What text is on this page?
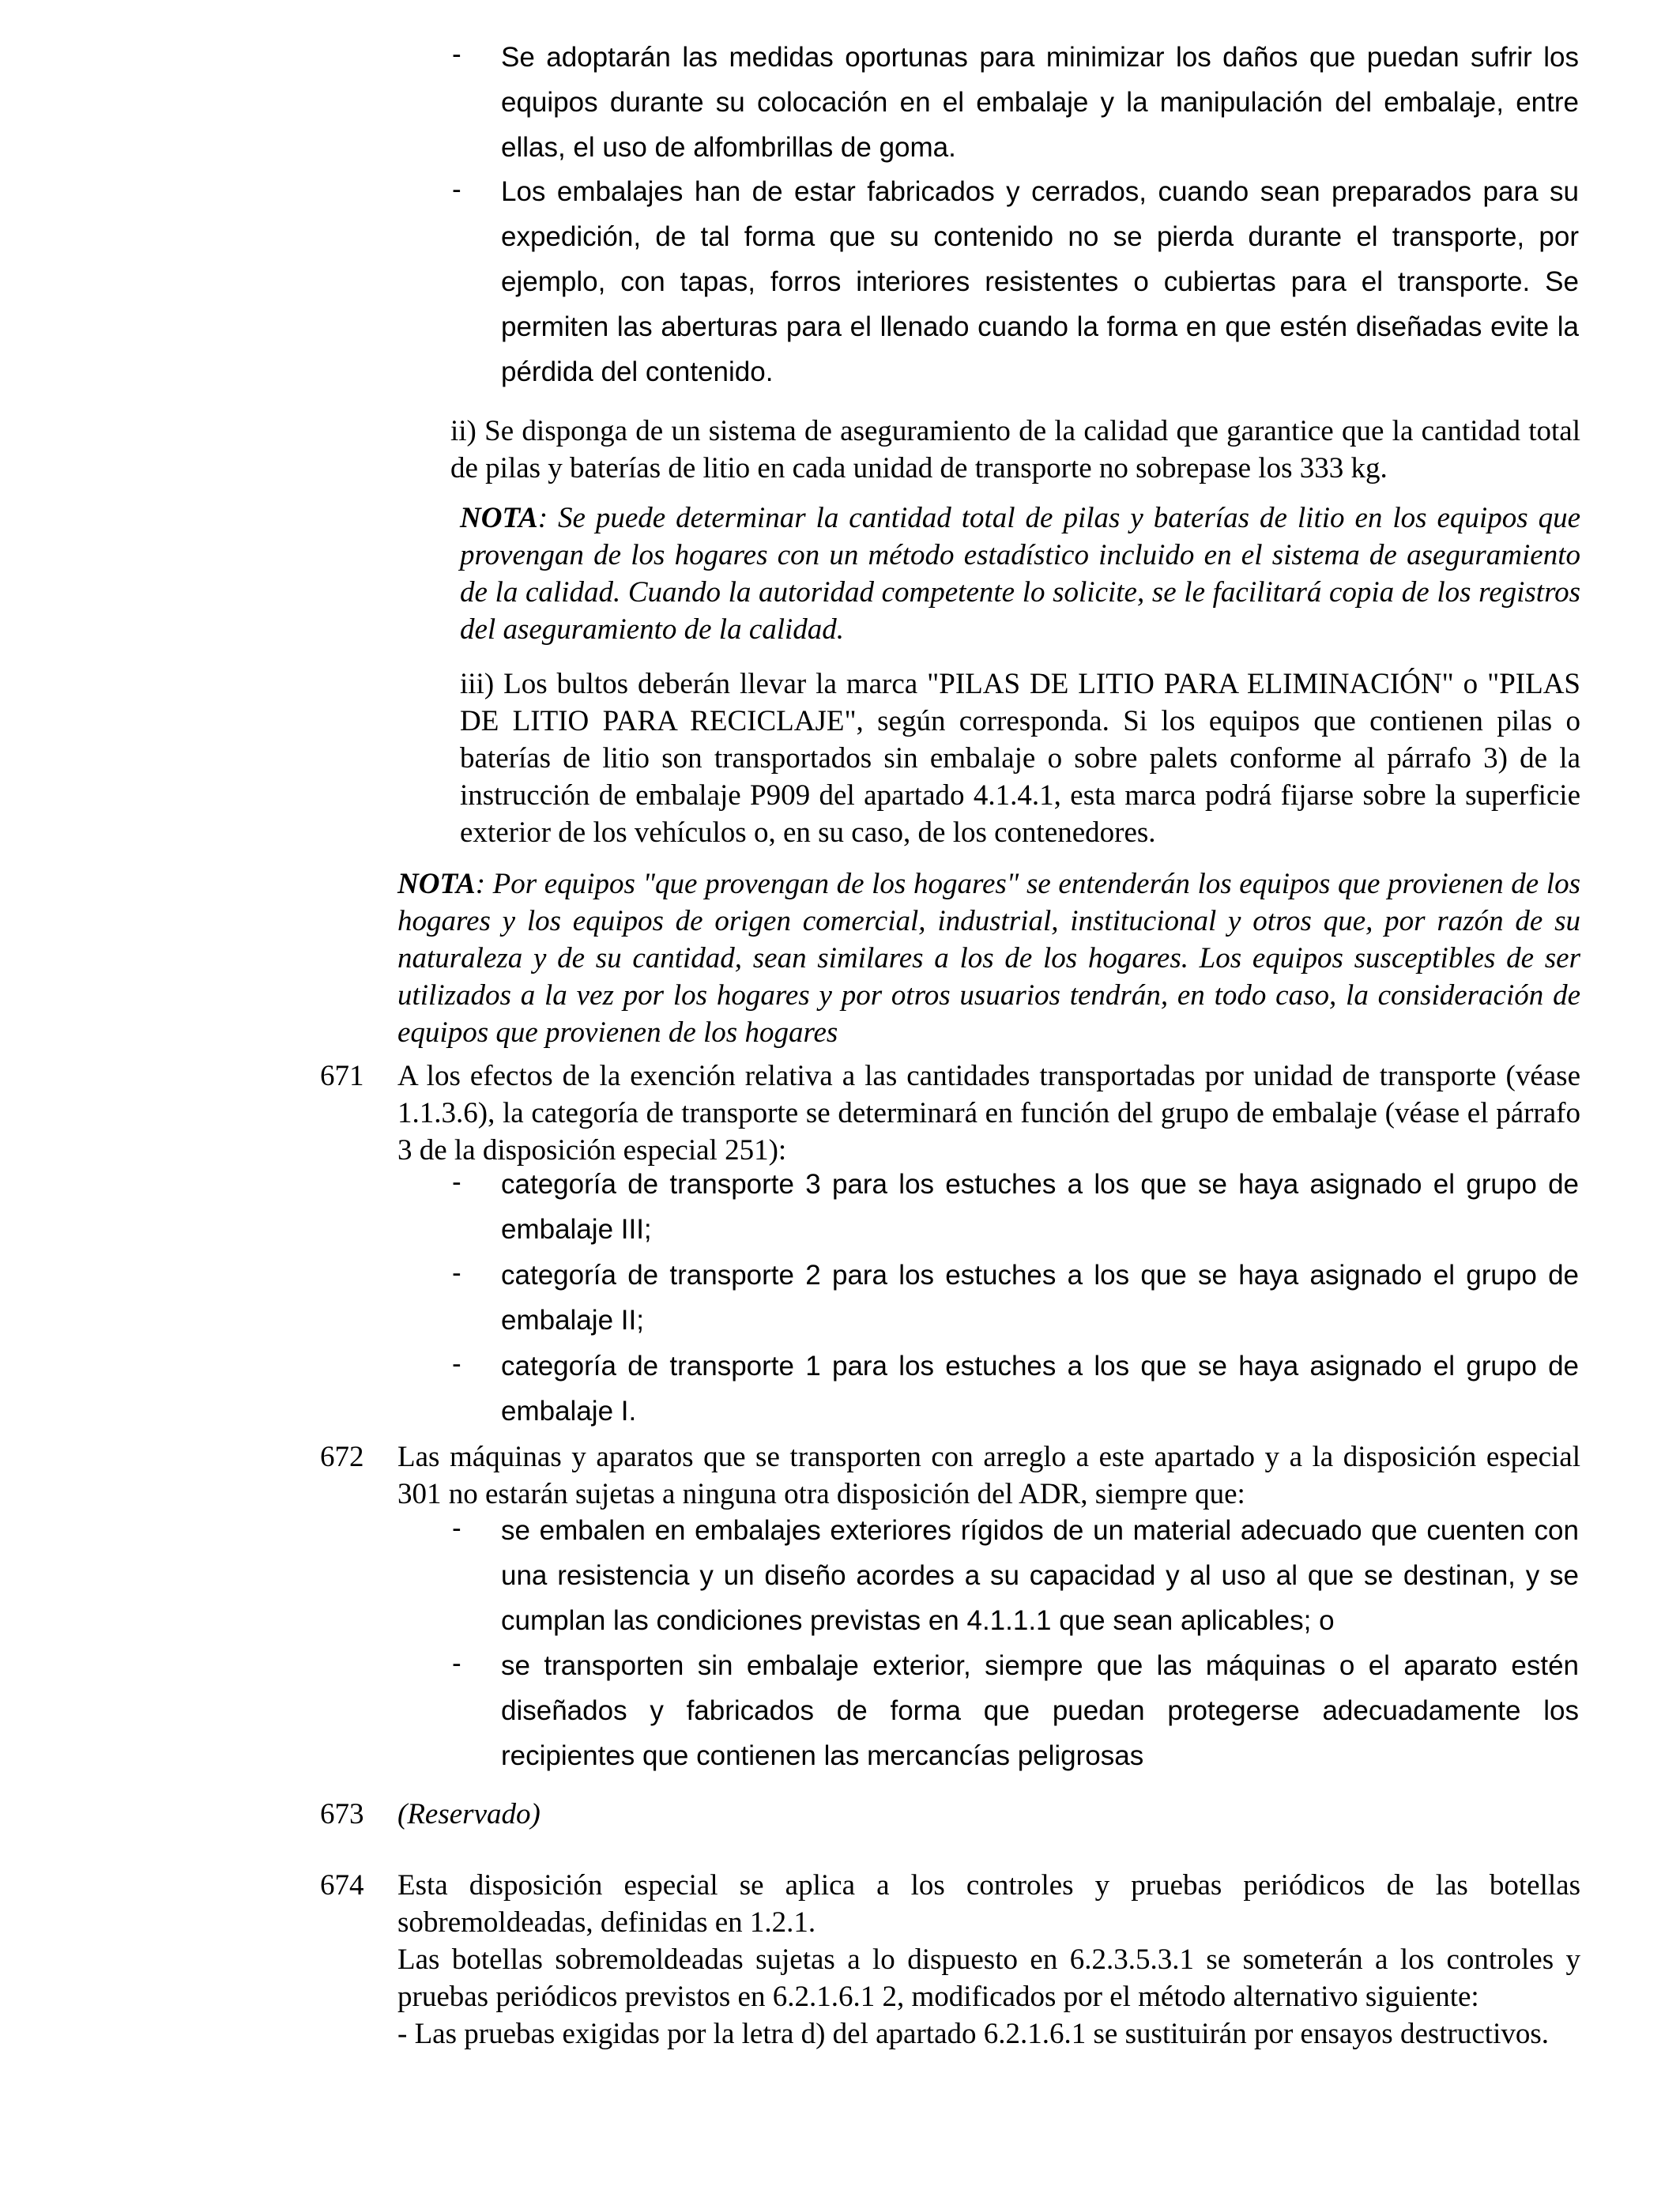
- Se adoptarán las medidas oportunas para minimizar los daños que puedan sufrir los equipos durante su colocación en el embalaje y la manipulación del embalaje, entre ellas, el uso de alfombrillas de goma.
- Los embalajes han de estar fabricados y cerrados, cuando sean preparados para su expedición, de tal forma que su contenido no se pierda durante el transporte, por ejemplo, con tapas, forros interiores resistentes o cubiertas para el transporte. Se permiten las aberturas para el llenado cuando la forma en que estén diseñadas evite la pérdida del contenido.
ii) Se disponga de un sistema de aseguramiento de la calidad que garantice que la cantidad total de pilas y baterías de litio en cada unidad de transporte no sobrepase los 333 kg.
NOTA: Se puede determinar la cantidad total de pilas y baterías de litio en los equipos que provengan de los hogares con un método estadístico incluido en el sistema de aseguramiento de la calidad. Cuando la autoridad competente lo solicite, se le facilitará copia de los registros del aseguramiento de la calidad.
iii) Los bultos deberán llevar la marca "PILAS DE LITIO PARA ELIMINACIÓN" o "PILAS DE LITIO PARA RECICLAJE", según corresponda. Si los equipos que contienen pilas o baterías de litio son transportados sin embalaje o sobre palets conforme al párrafo 3) de la instrucción de embalaje P909 del apartado 4.1.4.1, esta marca podrá fijarse sobre la superficie exterior de los vehículos o, en su caso, de los contenedores.
NOTA: Por equipos "que provengan de los hogares" se entenderán los equipos que provienen de los hogares y los equipos de origen comercial, industrial, institucional y otros que, por razón de su naturaleza y de su cantidad, sean similares a los de los hogares. Los equipos susceptibles de ser utilizados a la vez por los hogares y por otros usuarios tendrán, en todo caso, la consideración de equipos que provienen de los hogares
671 A los efectos de la exención relativa a las cantidades transportadas por unidad de transporte (véase 1.1.3.6), la categoría de transporte se determinará en función del grupo de embalaje (véase el párrafo 3 de la disposición especial 251):
- categoría de transporte 3 para los estuches a los que se haya asignado el grupo de embalaje III;
- categoría de transporte 2 para los estuches a los que se haya asignado el grupo de embalaje II;
- categoría de transporte 1 para los estuches a los que se haya asignado el grupo de embalaje I.
672 Las máquinas y aparatos que se transporten con arreglo a este apartado y a la disposición especial 301 no estarán sujetas a ninguna otra disposición del ADR, siempre que:
- se embalen en embalajes exteriores rígidos de un material adecuado que cuenten con una resistencia y un diseño acordes a su capacidad y al uso al que se destinan, y se cumplan las condiciones previstas en 4.1.1.1 que sean aplicables; o
- se transporten sin embalaje exterior, siempre que las máquinas o el aparato estén diseñados y fabricados de forma que puedan protegerse adecuadamente los recipientes que contienen las mercancías peligrosas
673 (Reservado)
674 Esta disposición especial se aplica a los controles y pruebas periódicos de las botellas sobremoldeadas, definidas en 1.2.1.
Las botellas sobremoldeadas sujetas a lo dispuesto en 6.2.3.5.3.1 se someterán a los controles y pruebas periódicos previstos en 6.2.1.6.1 2, modificados por el método alternativo siguiente:
- Las pruebas exigidas por la letra d) del apartado 6.2.1.6.1 se sustituirán por ensayos destructivos.
